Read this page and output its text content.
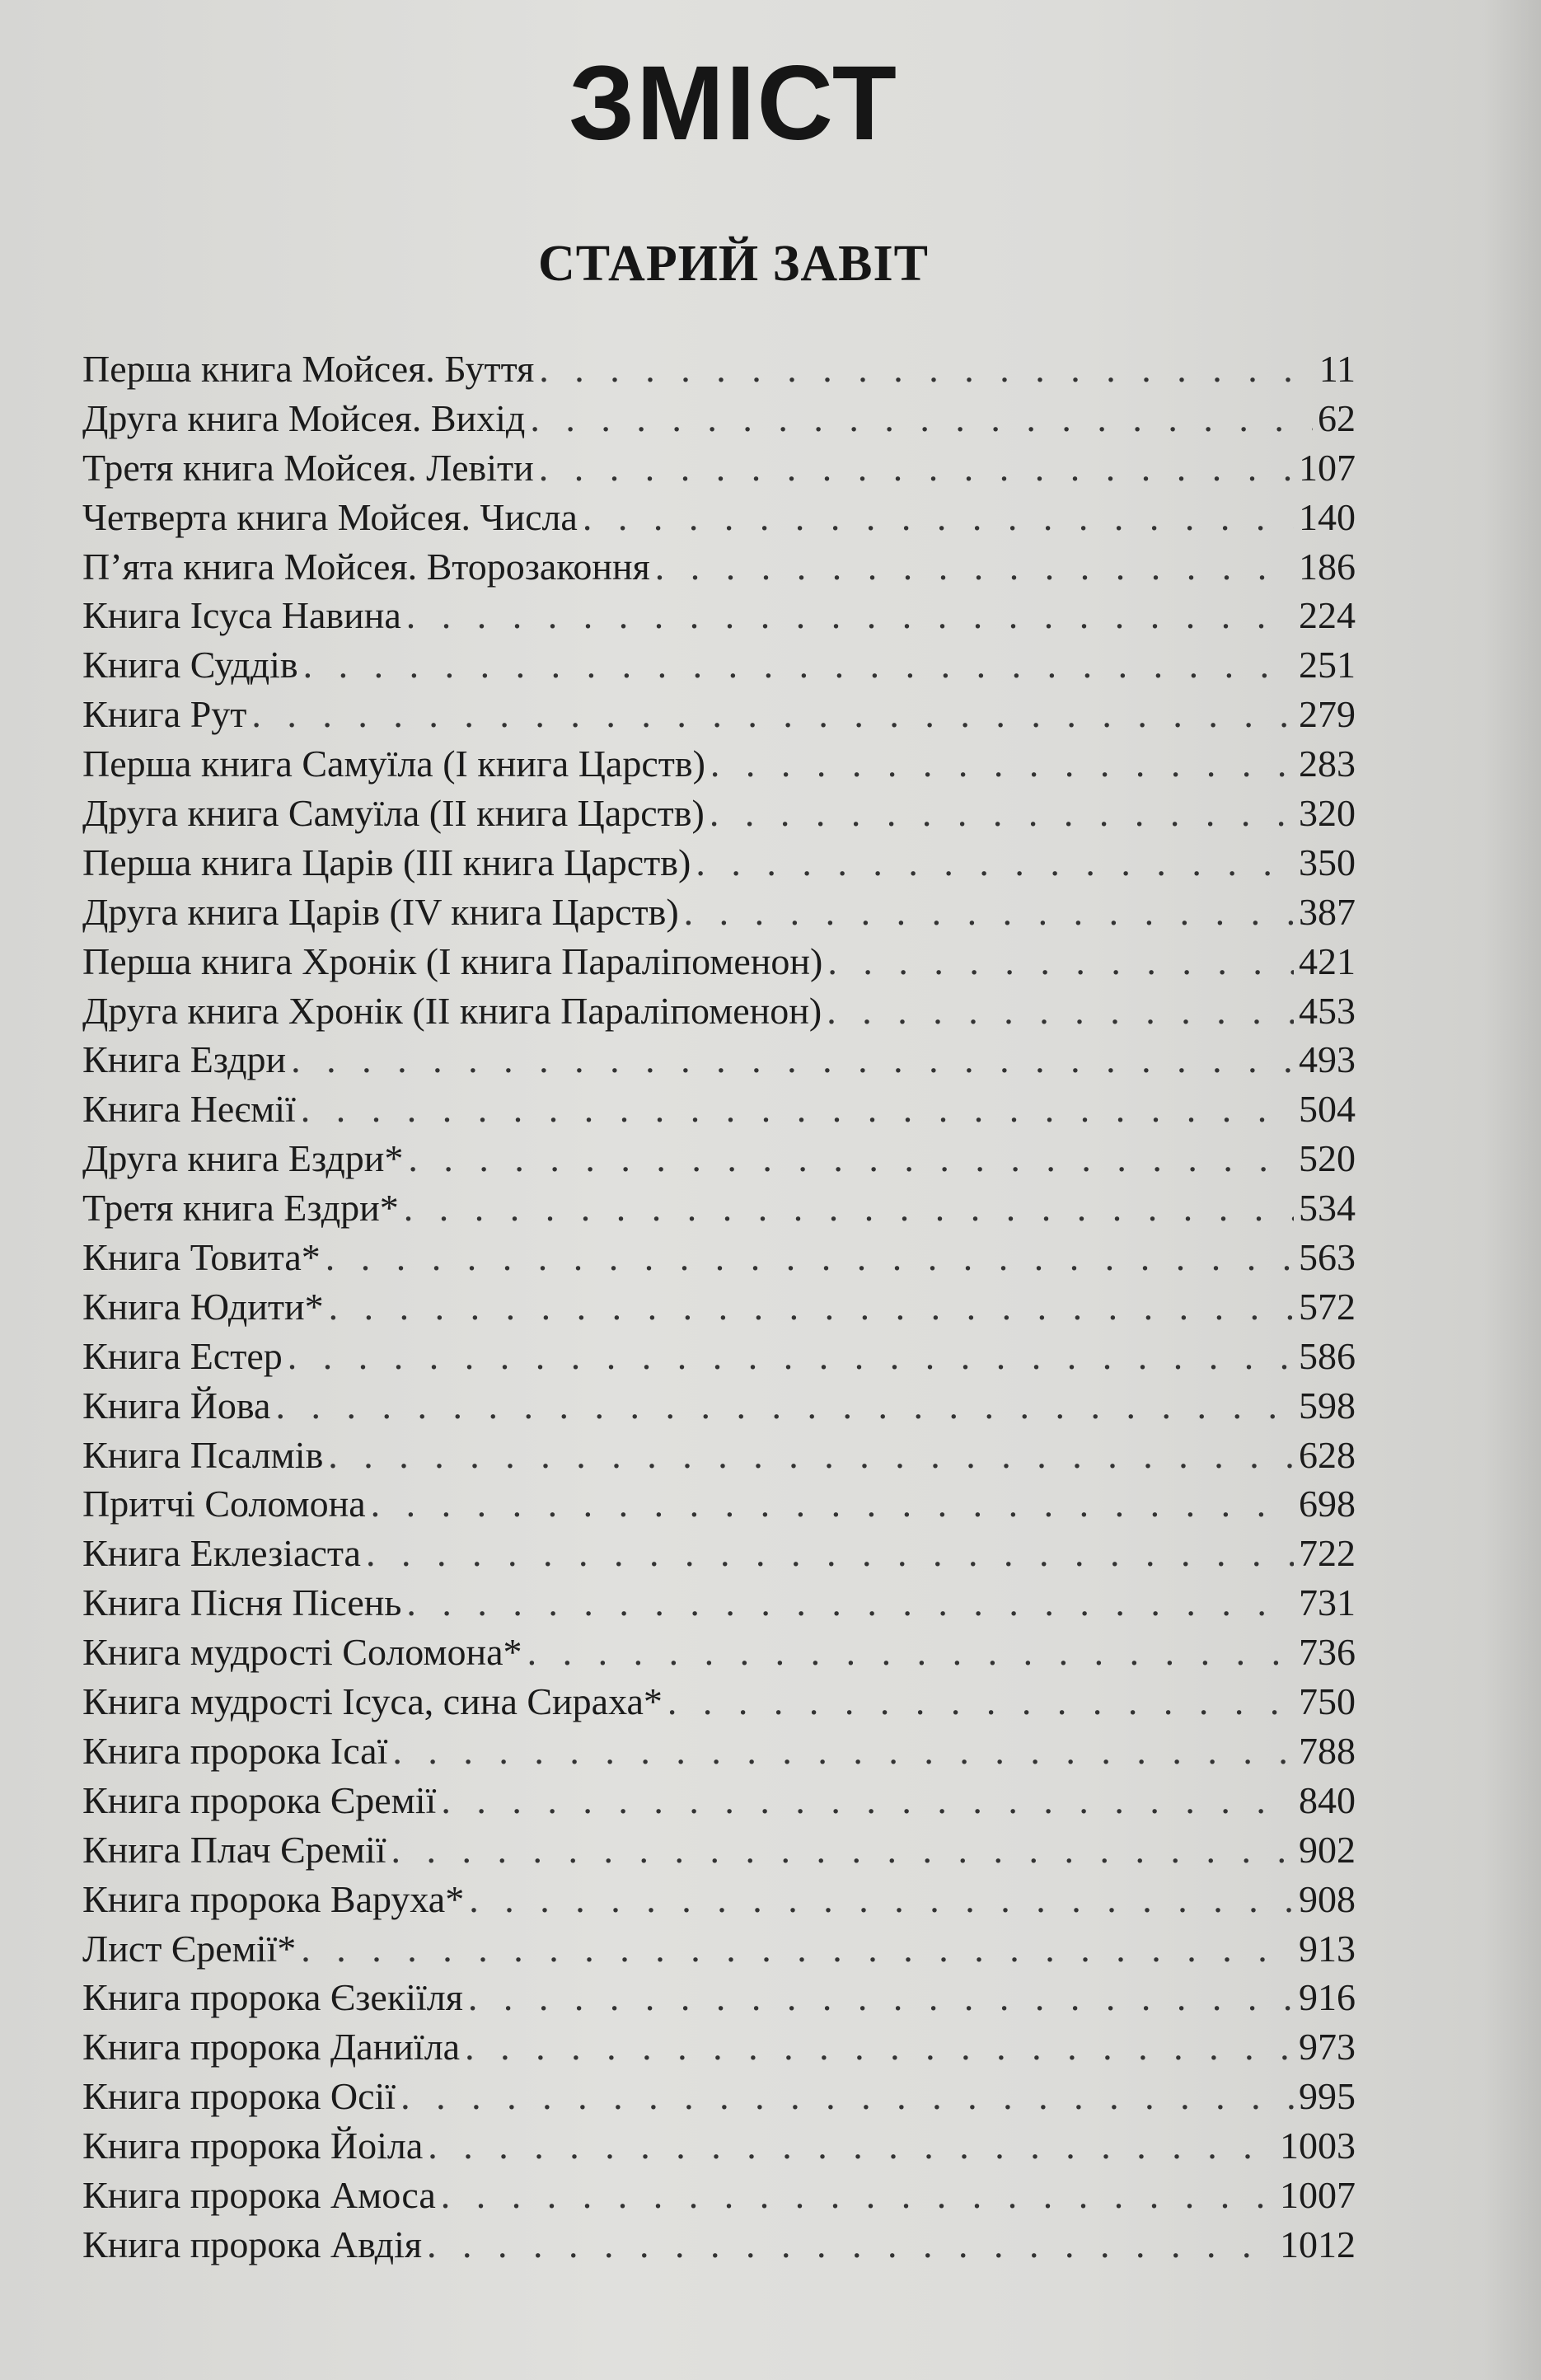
ЗМІСТ
СТАРИЙ ЗАВІТ
Перша книга Мойсея. Буття . . .	11
Друга книга Мойсея. Вихід . . .	62
Третя книга Мойсея. Левіти . . .	107
Четверта книга Мойсея. Числа . . .	140
П’ята книга Мойсея. Второзаконня . . .	186
Книга Ісуса Навина . . .	224
Книга Суддів . . .	251
Книга Рут . . .	279
Перша книга Самуїла (І книга Царств) . . .	283
Друга книга Самуїла (ІІ книга Царств) . . .	320
Перша книга Царів (ІІІ книга Царств) . . .	350
Друга книга Царів (IV книга Царств) . . .	387
Перша книга Хронік (І книга Параліпоменон) . . .	421
Друга книга Хронік (ІІ книга Параліпоменон) . . .	453
Книга Ездри . . .	493
Книга Неємії . . .	504
Друга книга Ездри* . . .	520
Третя книга Ездри* . . .	534
Книга Товита* . . .	563
Книга Юдити* . . .	572
Книга Естер . . .	586
Книга Йова . . .	598
Книга Псалмів . . .	628
Притчі Соломона . . .	698
Книга Еклезіаста . . .	722
Книга Пісня Пісень . . .	731
Книга мудрості Соломона* . . .	736
Книга мудрості Ісуса, сина Сираха* . . .	750
Книга пророка Ісаї . . .	788
Книга пророка Єремії . . .	840
Книга Плач Єремії . . .	902
Книга пророка Варуха* . . .	908
Лист Єремії* . . .	913
Книга пророка Єзекіїля . . .	916
Книга пророка Даниїла . . .	973
Книга пророка Осії . . .	995
Книга пророка Йоіла . . .	1003
Книга пророка Амоса . . .	1007
Книга пророка Авдія . . .	1012
